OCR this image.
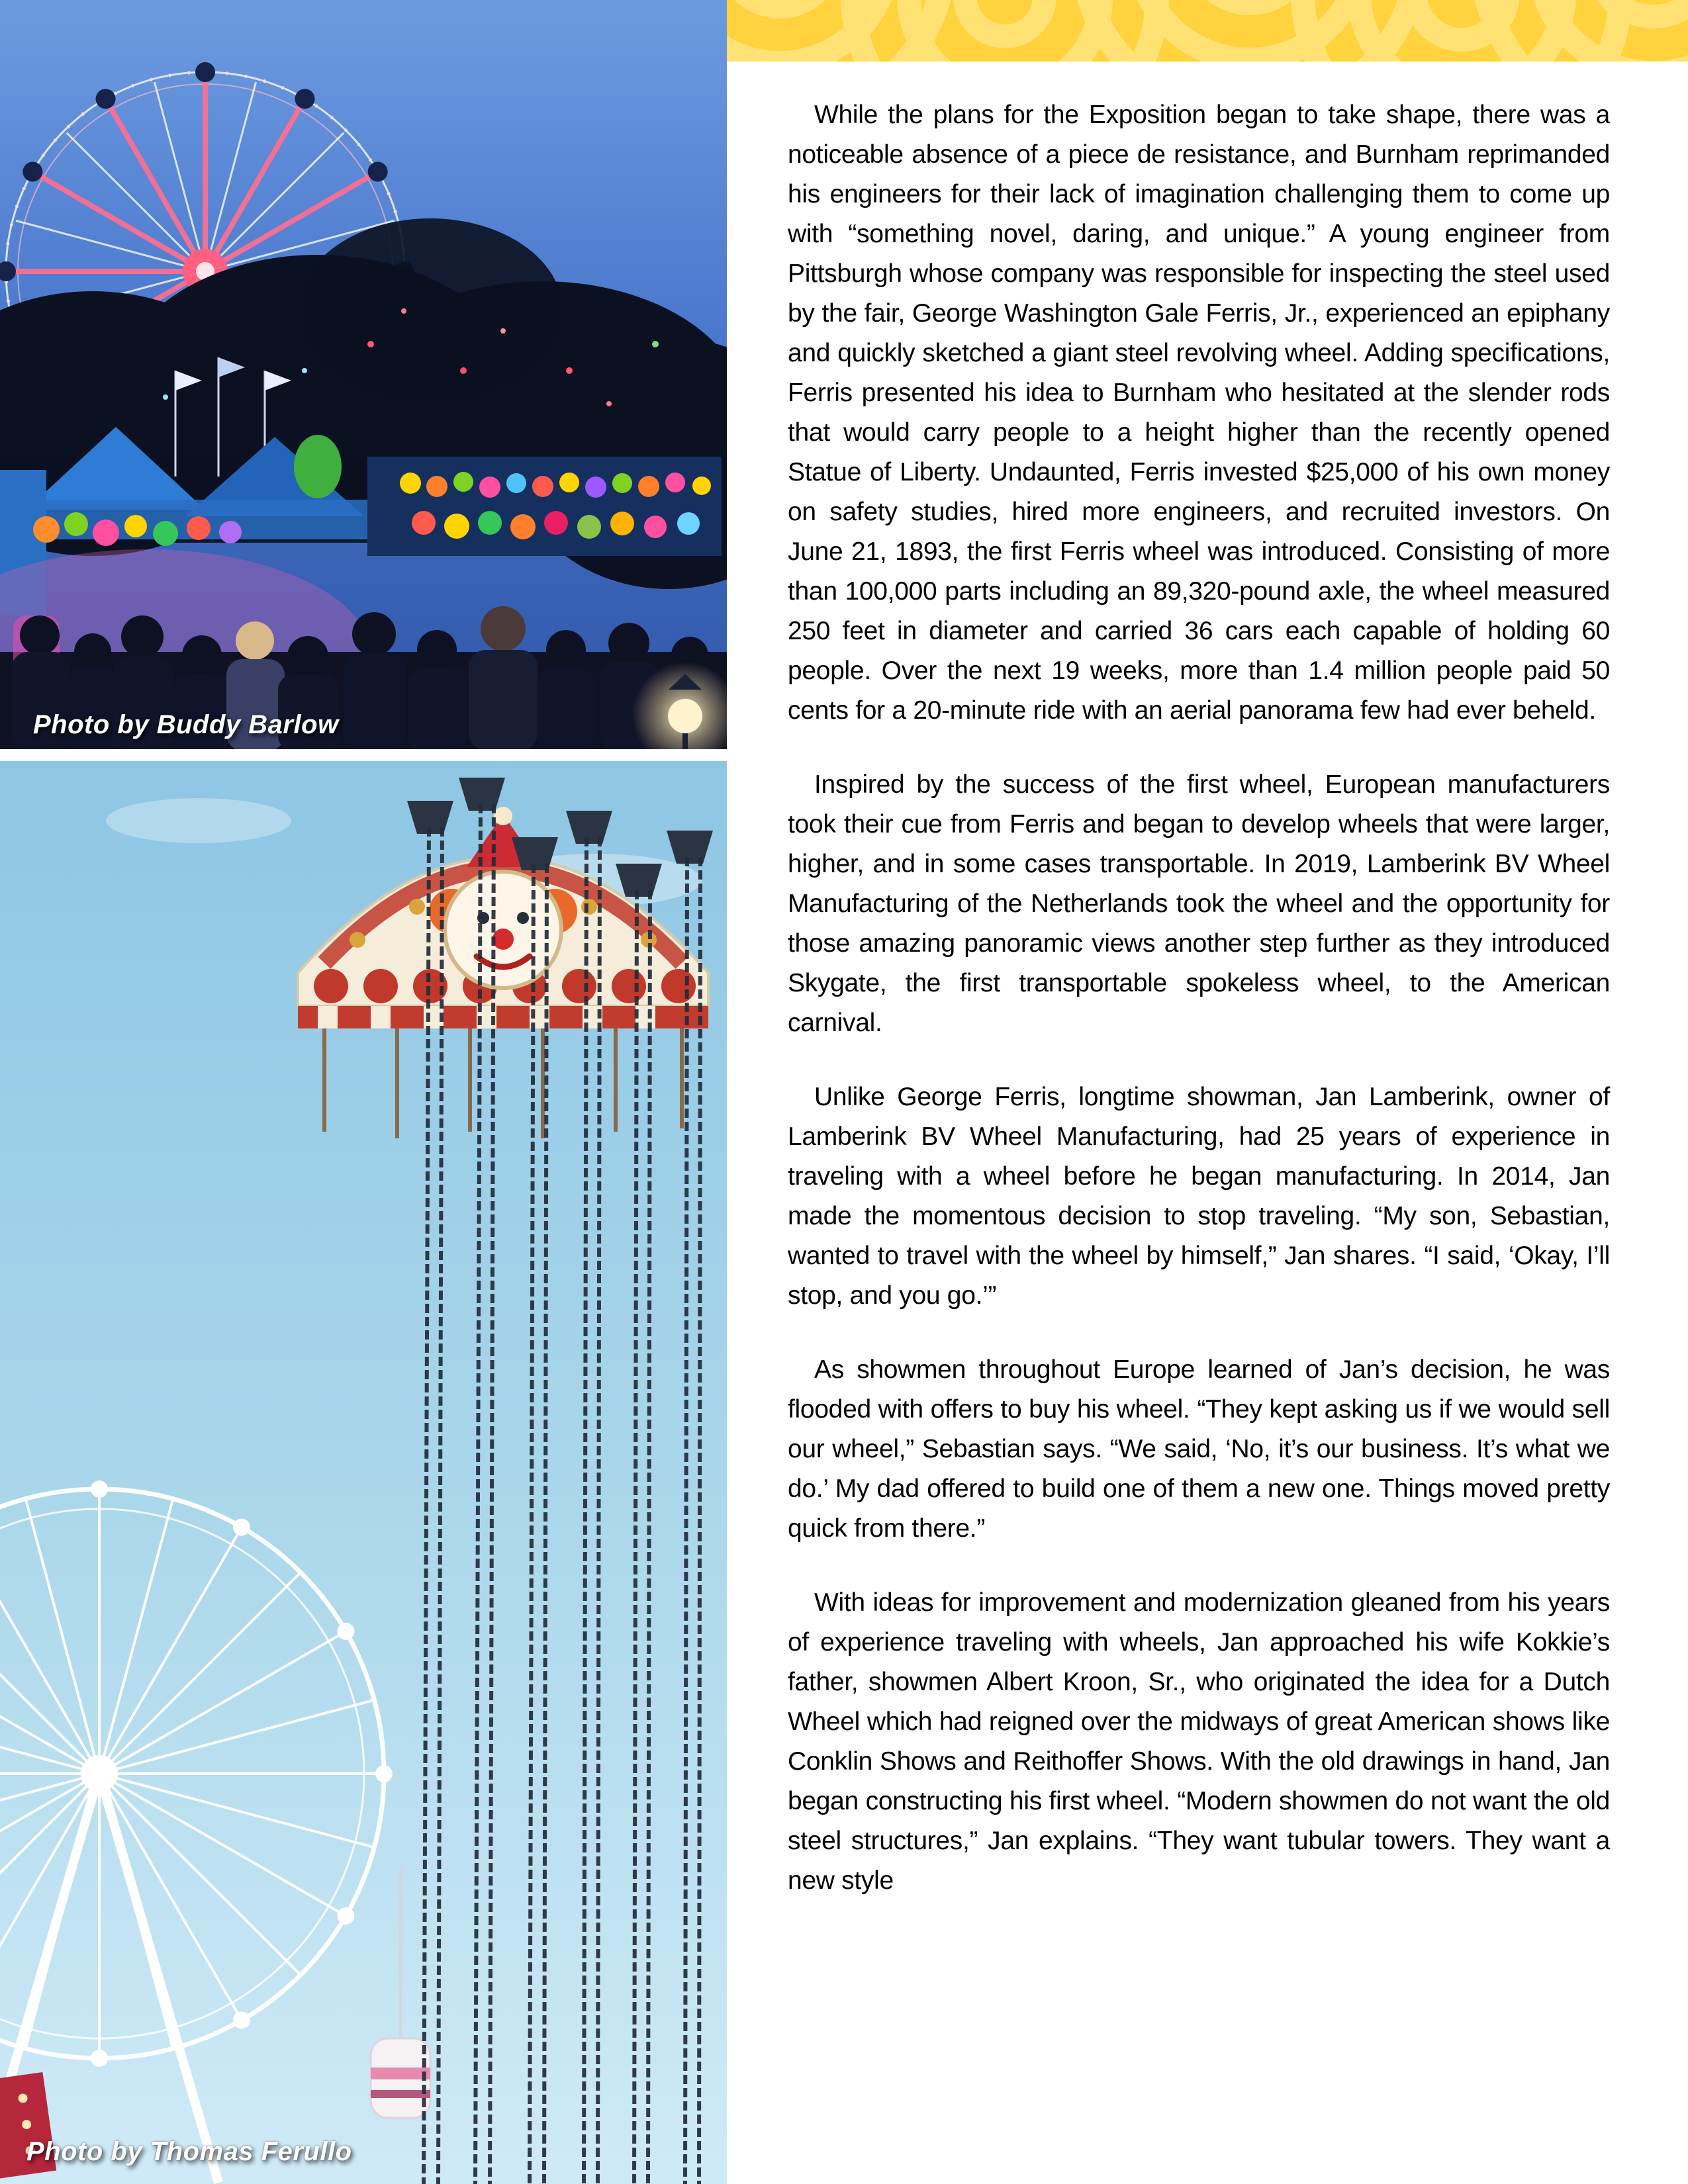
Photo by Buddy Barlow

While the plans for the Exposition began to take shape, there was a noticeable absence of a piece de resistance, and Burnham reprimanded his engineers for their lack of imagination challenging them to come up with “something novel, daring, and unique.” A young engineer from Pittsburgh whose company was responsible for inspecting the steel used by the fair, George Washington Gale Ferris, Jr., experienced an epiphany and quickly sketched a giant steel revolving wheel. Adding specifications, Ferris presented his idea to Burnham who hesitated at the slender rods that would carry people to a height higher than the recently opened Statue of Liberty. Undaunted, Ferris invested $25,000 of his own money on safety studies, hired more engineers, and recruited investors. On June 21, 1893, the first Ferris wheel was introduced. Consisting of more than 100,000 parts including an 89,320-pound axle, the wheel measured 250 feet in diameter and carried 36 cars each capable of holding 60 people. Over the next 19 weeks, more than 1.4 million people paid 50 cents for a 20-minute ride with an aerial panorama few had ever beheld.

Inspired by the success of the first wheel, European manufacturers took their cue from Ferris and began to develop wheels that were larger, higher, and in some cases transportable. In 2019, Lamberink BV Wheel Manufacturing of the Netherlands took the wheel and the opportunity for those amazing panoramic views another step further as they introduced Skygate, the first transportable spokeless wheel, to the American carnival.

Unlike George Ferris, longtime showman, Jan Lamberink, owner of Lamberink BV Wheel Manufacturing, had 25 years of experience in traveling with a wheel before he began manufacturing. In 2014, Jan made the momentous decision to stop traveling. “My son, Sebastian, wanted to travel with the wheel by himself,” Jan shares. “I said, ‘Okay, I’ll stop, and you go.’”

As showmen throughout Europe learned of Jan’s decision, he was flooded with offers to buy his wheel. “They kept asking us if we would sell our wheel,” Sebastian says. “We said, ‘No, it’s our business. It’s what we do.’ My dad offered to build one of them a new one. Things moved pretty quick from there.”

With ideas for improvement and modernization gleaned from his years of experience traveling with wheels, Jan approached his wife Kokkie’s father, showmen Albert Kroon, Sr., who originated the idea for a Dutch Wheel which had reigned over the midways of great American shows like Conklin Shows and Reithoffer Shows. With the old drawings in hand, Jan began constructing his first wheel. “Modern showmen do not want the old steel structures,” Jan explains. “They want tubular towers. They want a new style

Photo by Thomas Ferullo
